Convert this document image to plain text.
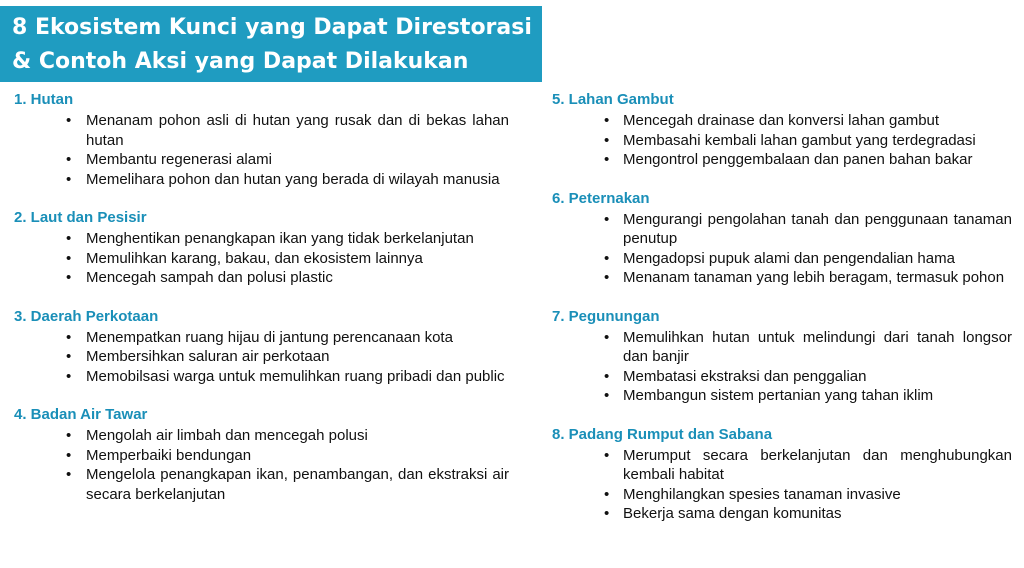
8 Ekosistem Kunci yang Dapat Direstorasi
& Contoh Aksi yang Dapat Dilakukan
1. Hutan
• Menanam pohon asli di hutan yang rusak dan di bekas lahan hutan
• Membantu regenerasi alami
• Memelihara pohon dan hutan yang berada di wilayah manusia
2. Laut dan Pesisir
• Menghentikan penangkapan ikan yang tidak berkelanjutan
• Memulihkan karang, bakau, dan ekosistem lainnya
• Mencegah sampah dan polusi plastic
3. Daerah Perkotaan
• Menempatkan ruang hijau di jantung perencanaan kota
• Membersihkan saluran air perkotaan
• Memobilsasi warga untuk memulihkan ruang pribadi dan public
4. Badan Air Tawar
• Mengolah air limbah dan mencegah polusi
• Memperbaiki bendungan
• Mengelola penangkapan ikan, penambangan, dan ekstraksi air secara berkelanjutan
5. Lahan Gambut
• Mencegah drainase dan konversi lahan gambut
• Membasahi kembali lahan gambut yang terdegradasi
• Mengontrol penggembalaan dan panen bahan bakar
6. Peternakan
• Mengurangi pengolahan tanah dan penggunaan tanaman penutup
• Mengadopsi pupuk alami dan pengendalian hama
• Menanam tanaman yang lebih beragam, termasuk pohon
7. Pegunungan
• Memulihkan hutan untuk melindungi dari tanah longsor dan banjir
• Membatasi ekstraksi dan penggalian
• Membangun sistem pertanian yang tahan iklim
8. Padang Rumput dan Sabana
• Merumput secara berkelanjutan dan menghubungkan kembali habitat
• Menghilangkan spesies tanaman invasive
• Bekerja sama dengan komunitas
